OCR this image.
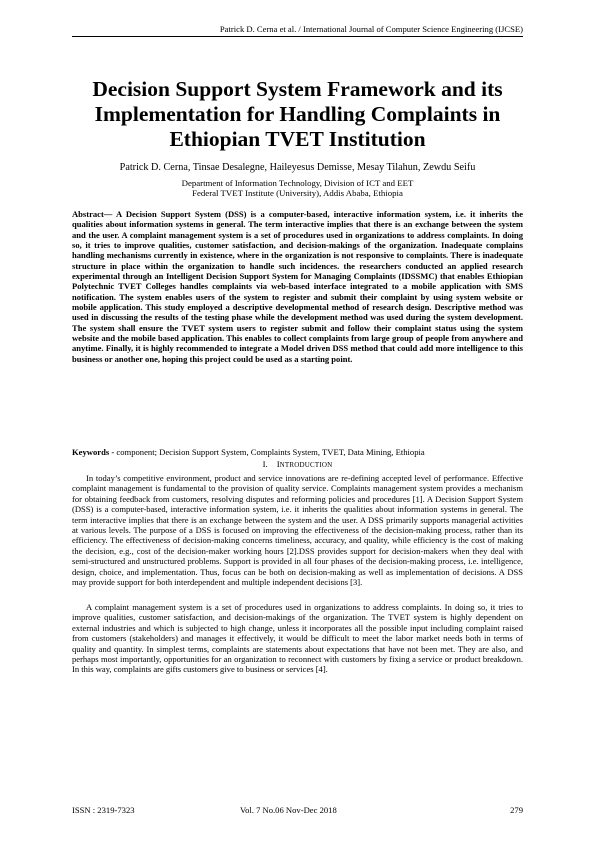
Patrick D. Cerna et al. / International Journal of Computer Science Engineering (IJCSE)
Decision Support System Framework and its Implementation for Handling Complaints in Ethiopian TVET Institution
Patrick D. Cerna, Tinsae Desalegne, Haileyesus Demisse, Mesay Tilahun, Zewdu Seifu
Department of Information Technology, Division of ICT and EET
Federal TVET Institute (University), Addis Ababa, Ethiopia

Abstract— A Decision Support System (DSS) is a computer-based, interactive information system, i.e. it inherits the qualities about information systems in general. The term interactive implies that there is an exchange between the system and the user. A complaint management system is a set of procedures used in organizations to address complaints. In doing so, it tries to improve qualities, customer satisfaction, and decision-makings of the organization. Inadequate complains handling mechanisms currently in existence, where in the organization is not responsive to complaints. There is inadequate structure in place within the organization to handle such incidences. the researchers conducted an applied research experimental through an Intelligent Decision Support System for Managing Complaints (IDSSMC) that enables Ethiopian Polytechnic TVET Colleges handles complaints via web-based interface integrated to a mobile application with SMS notification. The system enables users of the system to register and submit their complaint by using system website or mobile application. This study employed a descriptive developmental method of research design. Descriptive method was used in discussing the results of the testing phase while the development method was used during the system development. The system shall ensure the TVET system users to register submit and follow their complaint status using the system website and the mobile based application. This enables to collect complaints from large group of people from anywhere and anytime. Finally, it is highly recommended to integrate a Model driven DSS method that could add more intelligence to this business or another one, hoping this project could be used as a starting point.

Keywords - component; Decision Support System, Complaints System, TVET, Data Mining, Ethiopia

I. INTRODUCTION

In today’s competitive environment, product and service innovations are re-defining accepted level of performance. Effective complaint management is fundamental to the provision of quality service. Complaints management system provides a mechanism for obtaining feedback from customers, resolving disputes and reforming policies and procedures [1]. A Decision Support System (DSS) is a computer-based, interactive information system, i.e. it inherits the qualities about information systems in general. The term interactive implies that there is an exchange between the system and the user. A DSS primarily supports managerial activities at various levels. The purpose of a DSS is focused on improving the effectiveness of the decision-making process, rather than its efficiency. The effectiveness of decision-making concerns timeliness, accuracy, and quality, while efficiency is the cost of making the decision, e.g., cost of the decision-maker working hours [2].DSS provides support for decision-makers when they deal with semi-structured and unstructured problems. Support is provided in all four phases of the decision-making process, i.e. intelligence, design, choice, and implementation. Thus, focus can be both on decision-making as well as implementation of decisions. A DSS may provide support for both interdependent and multiple independent decisions [3].

A complaint management system is a set of procedures used in organizations to address complaints. In doing so, it tries to improve qualities, customer satisfaction, and decision-makings of the organization. The TVET system is highly dependent on external industries and which is subjected to high change, unless it incorporates all the possible input including complaint raised from customers (stakeholders) and manages it effectively, it would be difficult to meet the labor market needs both in terms of quality and quantity. In simplest terms, complaints are statements about expectations that have not been met. They are also, and perhaps most importantly, opportunities for an organization to reconnect with customers by fixing a service or product breakdown. In this way, complaints are gifts customers give to business or services [4].

ISSN : 2319-7323	Vol. 7 No.06 Nov-Dec 2018	279
